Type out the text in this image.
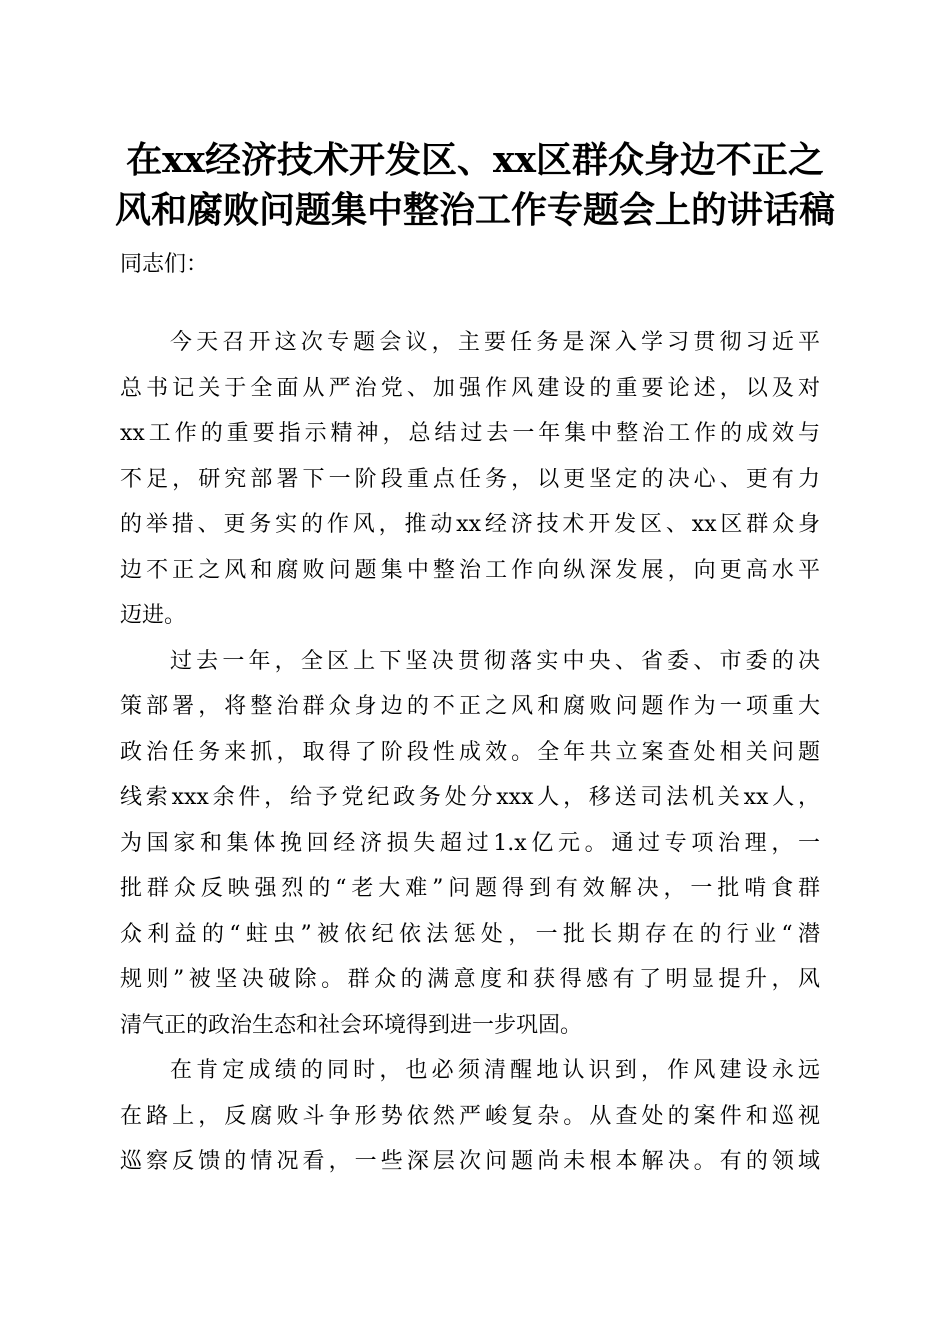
在xx经济技术开发区、xx区群众身边不正之
风和腐败问题集中整治工作专题会上的讲话稿
同志们：
今天召开这次专题会议，主要任务是深入学习贯彻习近平
总书记关于全面从严治党、加强作风建设的重要论述，以及对
xx工作的重要指示精神，总结过去一年集中整治工作的成效与
不足，研究部署下一阶段重点任务，以更坚定的决心、更有力
的举措、更务实的作风，推动xx经济技术开发区、xx区群众身
边不正之风和腐败问题集中整治工作向纵深发展，向更高水平
迈进。
过去一年，全区上下坚决贯彻落实中央、省委、市委的决
策部署，将整治群众身边的不正之风和腐败问题作为一项重大
政治任务来抓，取得了阶段性成效。全年共立案查处相关问题
线索xxx余件，给予党纪政务处分xxx人，移送司法机关xx人，
为国家和集体挽回经济损失超过1.x亿元。通过专项治理，一
批群众反映强烈的“老大难”问题得到有效解决，一批啃食群
众利益的“蛀虫”被依纪依法惩处，一批长期存在的行业“潜
规则”被坚决破除。群众的满意度和获得感有了明显提升，风
清气正的政治生态和社会环境得到进一步巩固。
在肯定成绩的同时，也必须清醒地认识到，作风建设永远
在路上，反腐败斗争形势依然严峻复杂。从查处的案件和巡视
巡察反馈的情况看，一些深层次问题尚未根本解决。有的领域
